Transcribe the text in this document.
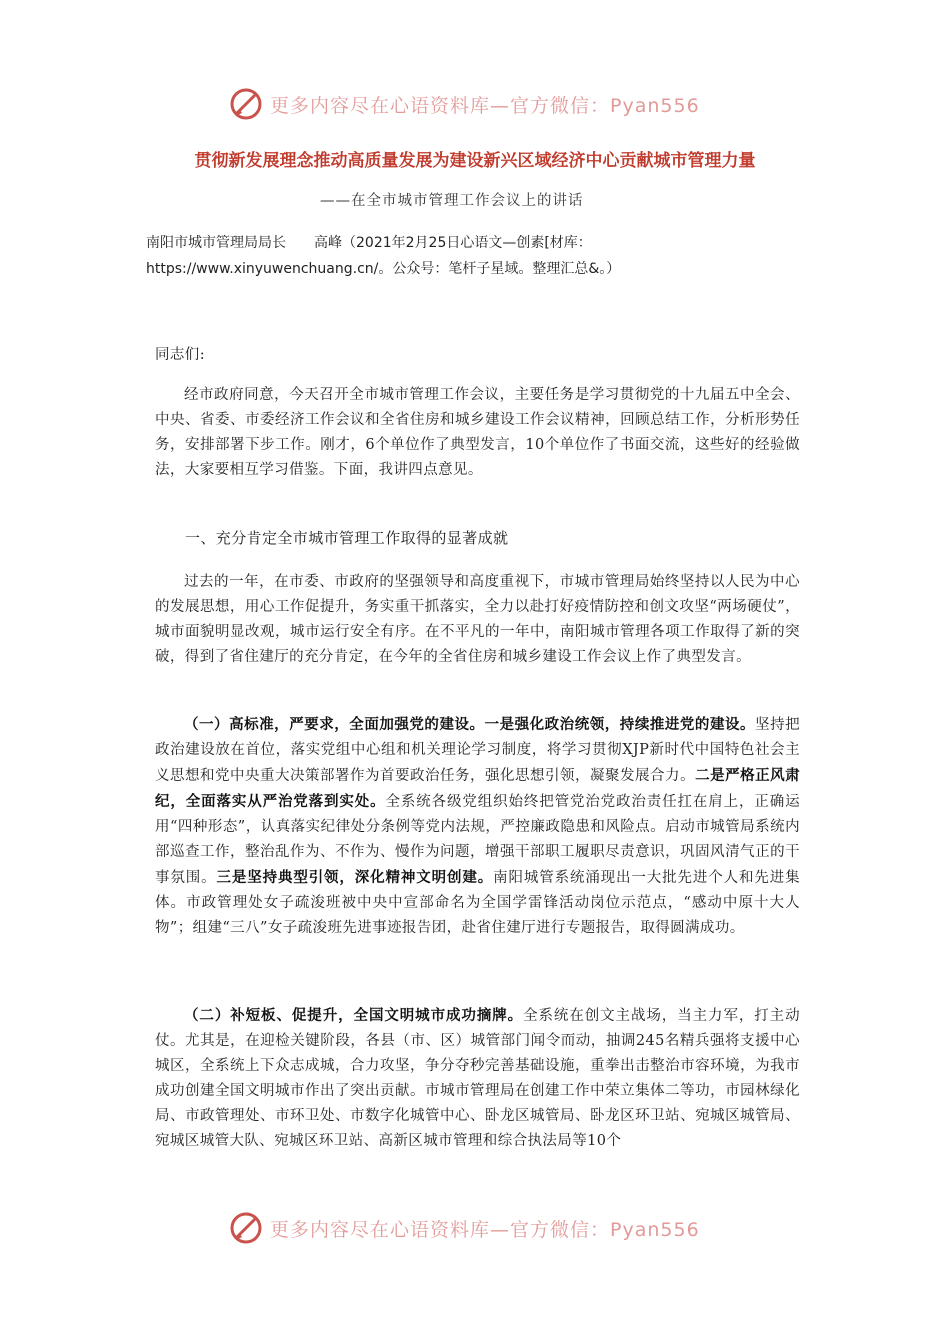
更多内容尽在心语资料库—官方微信：Pyan556
贯彻新发展理念推动高质量发展为建设新兴区域经济中心贡献城市管理力量
——在全市城市管理工作会议上的讲话
南阳市城市管理局局长　　高峰（2021年2月25日心语文—创素[材库：
https://www.xinyuwenchuang.cn/。公众号：笔杆子星域。整理汇总&。）

同志们:

经市政府同意，今天召开全市城市管理工作会议，主要任务是学习贯彻党的十九届五中全会、中央、省委、市委经济工作会议和全省住房和城乡建设工作会议精神，回顾总结工作，分析形势任务，安排部署下步工作。刚才，6个单位作了典型发言，10个单位作了书面交流，这些好的经验做法，大家要相互学习借鉴。下面，我讲四点意见。

一、充分肯定全市城市管理工作取得的显著成就

过去的一年，在市委、市政府的坚强领导和高度重视下，市城市管理局始终坚持以人民为中心的发展思想，用心工作促提升，务实重干抓落实，全力以赴打好疫情防控和创文攻坚“两场硬仗”，城市面貌明显改观，城市运行安全有序。在不平凡的一年中，南阳城市管理各项工作取得了新的突破，得到了省住建厅的充分肯定，在今年的全省住房和城乡建设工作会议上作了典型发言。

（一）高标准，严要求，全面加强党的建设。一是强化政治统领，持续推进党的建设。坚持把政治建设放在首位，落实党组中心组和机关理论学习制度，将学习贯彻XJP新时代中国特色社会主义思想和党中央重大决策部署作为首要政治任务，强化思想引领，凝聚发展合力。二是严格正风肃纪，全面落实从严治党落到实处。全系统各级党组织始终把管党治党政治责任扛在肩上，正确运用“四种形态”，认真落实纪律处分条例等党内法规，严控廉政隐患和风险点。启动市城管局系统内部巡查工作，整治乱作为、不作为、慢作为问题，增强干部职工履职尽责意识，巩固风清气正的干事氛围。三是坚持典型引领，深化精神文明创建。南阳城管系统涌现出一大批先进个人和先进集体。市政管理处女子疏浚班被中央中宣部命名为全国学雷锋活动岗位示范点，“感动中原十大人物”；组建“三八”女子疏浚班先进事迹报告团，赴省住建厅进行专题报告，取得圆满成功。

（二）补短板、促提升，全国文明城市成功摘牌。全系统在创文主战场，当主力军，打主动仗。尤其是，在迎检关键阶段，各县（市、区）城管部门闻令而动，抽调245名精兵强将支援中心城区，全系统上下众志成城，合力攻坚，争分夺秒完善基础设施，重拳出击整治市容环境，为我市成功创建全国文明城市作出了突出贡献。市城市管理局在创建工作中荣立集体二等功，市园林绿化局、市政管理处、市环卫处、市数字化城管中心、卧龙区城管局、卧龙区环卫站、宛城区城管局、宛城区城管大队、宛城区环卫站、高新区城市管理和综合执法局等10个

更多内容尽在心语资料库—官方微信：Pyan556
